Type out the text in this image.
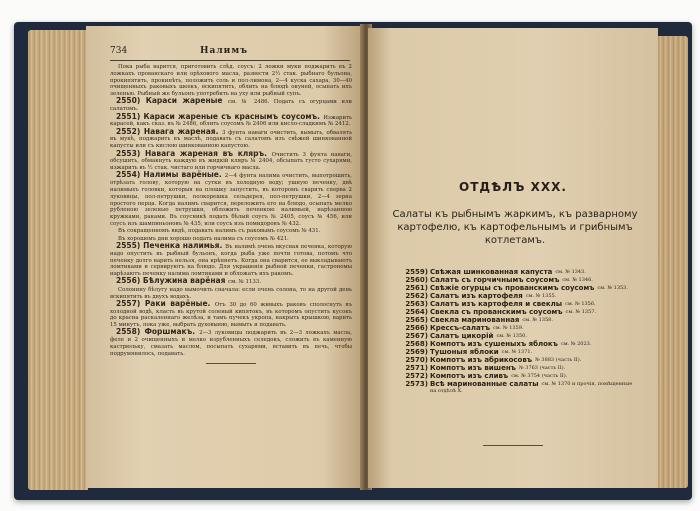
734	Налимъ

Пока рыба варится, приготовить слѣд. соусъ: 2 ложки муки поджарить въ 2 ложкахъ прованскаго или орѣхового масла, развести 2½ стак. рыбнаго бульона, прокипятить, прокипѣть, положить соль и пол-лимона, 2—4 куска сахара, 30—40 очищенныхъ раковыхъ шеекъ, вскипятить, облить на блюдѣ окуней, осыпать ихъ зеленью. Рыбный же бульонъ употребить на уху или рыбный супъ.

2550) Караси жареные см. № 2486. Подать съ огурцами или салатомъ.

2551) Караси жареные съ краснымъ соусомъ. Изжарить карасей, какъ сказ. въ № 2486, облить соусомъ № 2406 или кисло-сладкимъ № 2412.

2552) Навага жареная. 3 фунта наваги очистить, вымыть, обвалять въ мукѣ, поджарить въ маслѣ, подавать съ салатомъ изъ свѣжей шинкованной капусты или съ кислою шинкованною капустою.

2553) Навага жареная въ кляръ. Очистить 3 фунта наваги, обсушить, обмакнуть каждую въ жидкій кляръ № 2404, обсыпать густо сухарями, изжарить въ ½ стак. чистаго или горчичнаго масла.

2554) Налимы варёные. 2—4 фунта налима очистить, выпотрошить, отрѣзать голову, которую на сутки въ холодную воду; ушную печенку, двѣ налимыхъ головки, которыя на плошку запустить, въ которомъ сварить сперва 2 луковицы, пол-петрушки, полкорешка сельдерея, пол-петрушки, 2—4 зерна простого перца. Когда налимъ сварится, переложить его на блюдо, осыпать мелко рубленою зеленью петрушки, обложить печенкою налимьей, нарѣзанною кружками, раками. Въ соусникѣ подать бѣлый соусъ № 2405, соусъ № 456, или соусъ изъ шампиньоновъ № 435, или соусъ изъ помидоровъ № 432.

Въ сокращенномъ видѣ, подавать налимъ съ раковымъ соусомъ № 431.

Въ хорошемъ дни хорошо подать налима съ соусомъ № 421.

2555) Печенка налимья. Въ налимѣ очень вкусная печенка, которую надо опустить въ рыбный бульонъ, когда рыба уже почти готова, потомъ что печенку долго варить нельзя, она крѣпнетъ. Когда она сварится, ее выкладываютъ ломтиками и сервируютъ на блюдо. Для украшенія рыбной печенки, гастрономы нарѣзаютъ печенку налима ломтиками и обложатъ ихъ ракомъ.

2556) Бѣлужина варёная см. № 1133.

Солонину бѣлугу надо вымочить сначала: если очень солона, то на другой день вскипятить въ двухъ водахъ.

2557) Раки варёные. Отъ 30 до 60 живыхъ раковъ сполоснуть въ холодной водѣ, класть въ крутой соленый кипятокъ, въ которомъ опустить кусокъ до красна раскаленнаго желѣза, и тамъ пучекъ укропа, накрыть крышкою, варить 15 минутъ, пока уже, выбрать духовыюю, вымыть и подавать.

2558) Форшмакъ. 2—3 луковицы поджарить въ 2—3 ложкахъ масла, феле и 2 очищенныхъ и мелко изрубленныхъ селедокъ, сложить въ каменную кастрюльку, смазать маслом, посыпать сухарями, вставить въ печь, чтобы подрумянилось, подавать.

ОТДѢЛЪ XXX.
Салаты къ рыбнымъ жаркимъ, къ разварному картофелю, къ картофельнымъ и грибнымъ котлетамъ.
2559) Свѣжая шинкованная капуста см. № 1343.
2560) Салатъ съ горчичнымъ соусомъ см. № 1346.
2561) Свѣжіе огурцы съ прованскимъ соусомъ см. № 1353.
2562) Салатъ изъ картофеля см. № 1355.
2563) Салатъ изъ картофеля и свеклы см. № 1356.
2564) Свекла съ прованскимъ соусомъ см. № 1357.
2565) Свекла маринованная см. № 1358.
2566) Крессъ-салатъ см. № 1359.
2567) Салатъ цикорій см. № 1350.
2568) Компотъ изъ сушеныхъ яблокъ см. № 2023.
2569) Тушоныя яблоки см. № 1371.
2570) Компотъ изъ абрикосовъ № 3883 (часть II).
2571) Компотъ изъ вишенъ № 3763 (часть II).
2572) Компотъ изъ сливъ см. № 3754 (часть II).
2573) Всѣ маринованные салаты см. № 1370 и прочія, помѣщенные
на отдѣлѣ X.
